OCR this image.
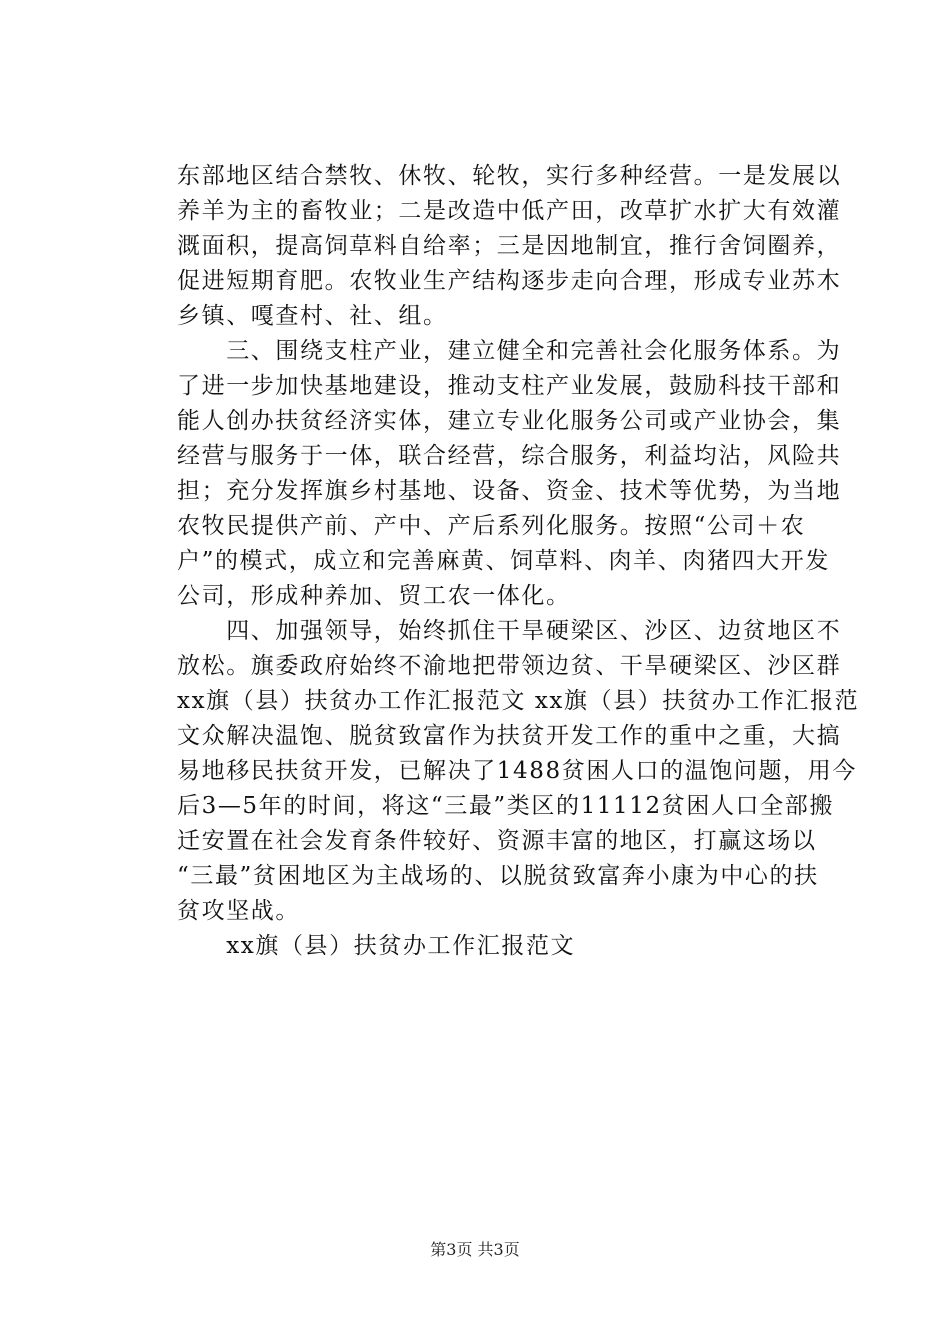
东部地区结合禁牧、休牧、轮牧，实行多种经营。一是发展以
养羊为主的畜牧业；二是改造中低产田，改草扩水扩大有效灌
溉面积，提高饲草料自给率；三是因地制宜，推行舍饲圈养，
促进短期育肥。农牧业生产结构逐步走向合理，形成专业苏木
乡镇、嘎查村、社、组。
　　三、围绕支柱产业，建立健全和完善社会化服务体系。为
了进一步加快基地建设，推动支柱产业发展，鼓励科技干部和
能人创办扶贫经济实体，建立专业化服务公司或产业协会，集
经营与服务于一体，联合经营，综合服务，利益均沾，风险共
担；充分发挥旗乡村基地、设备、资金、技术等优势，为当地
农牧民提供产前、产中、产后系列化服务。按照“公司＋农
户”的模式，成立和完善麻黄、饲草料、肉羊、肉猪四大开发
公司，形成种养加、贸工农一体化。
　　四、加强领导，始终抓住干旱硬梁区、沙区、边贫地区不
放松。旗委政府始终不渝地把带领边贫、干旱硬梁区、沙区群
xx旗（县）扶贫办工作汇报范文 xx旗（县）扶贫办工作汇报范
文众解决温饱、脱贫致富作为扶贫开发工作的重中之重，大搞
易地移民扶贫开发，已解决了1488贫困人口的温饱问题，用今
后3—5年的时间，将这“三最”类区的11112贫困人口全部搬
迁安置在社会发育条件较好、资源丰富的地区，打赢这场以
“三最”贫困地区为主战场的、以脱贫致富奔小康为中心的扶
贫攻坚战。
　　xx旗（县）扶贫办工作汇报范文
第3页 共3页
